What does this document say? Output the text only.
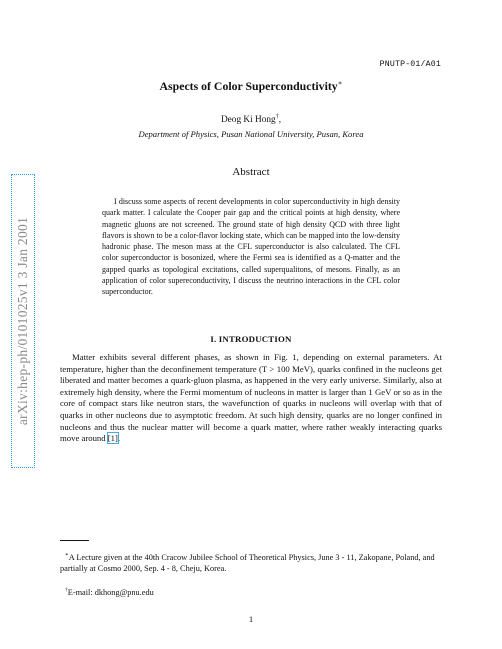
PNUTP-01/A01
Aspects of Color Superconductivity∗
Deog Ki Hong†,
Department of Physics, Pusan National University, Pusan, Korea
Abstract
I discuss some aspects of recent developments in color superconductivity in high density quark matter. I calculate the Cooper pair gap and the critical points at high density, where magnetic gluons are not screened. The ground state of high density QCD with three light flavors is shown to be a color-flavor locking state, which can be mapped into the low-density hadronic phase. The meson mass at the CFL superconductor is also calculated. The CFL color superconductor is bosonized, where the Fermi sea is identified as a Q-matter and the gapped quarks as topological excitations, called superqualitons, of mesons. Finally, as an application of color supereconductivity, I discuss the neutrino interactions in the CFL color superconductor.
I. INTRODUCTION
Matter exhibits several different phases, as shown in Fig. 1, depending on external parameters. At temperature, higher than the deconfinement temperature (T > 100 MeV), quarks confined in the nucleons get liberated and matter becomes a quark-gluon plasma, as happened in the very early universe. Similarly, also at extremely high density, where the Fermi momentum of nucleons in matter is larger than 1 GeV or so as in the core of compact stars like neutron stars, the wavefunction of quarks in nucleons will overlap with that of quarks in other nucleons due to asymptotic freedom. At such high density, quarks are no longer confined in nucleons and thus the nuclear matter will become a quark matter, where rather weakly interacting quarks move around [1].
∗A Lecture given at the 40th Cracow Jubilee School of Theoretical Physics, June 3 - 11, Zakopane, Poland, and partially at Cosmo 2000, Sep. 4 - 8, Cheju, Korea.
†E-mail: dkhong@pnu.edu
1
arXiv:hep-ph/0101025v1 3 Jan 2001
